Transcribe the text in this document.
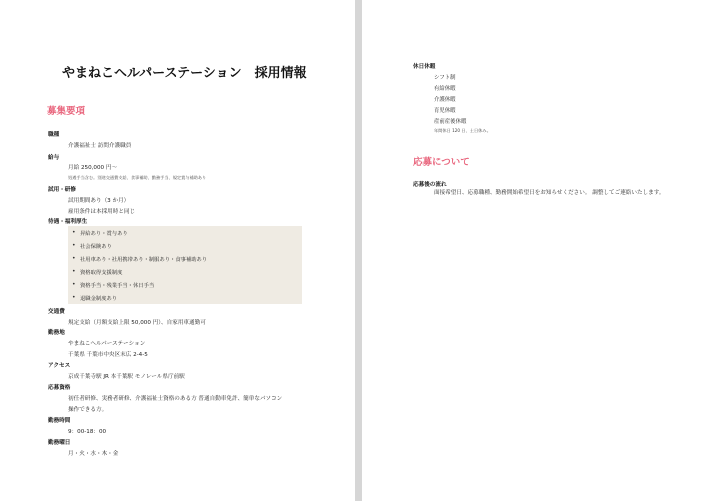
やまねこヘルパーステーション　採用情報
募集要項
職種
介護福祉士 訪問介護職員
給与
月給 250,000 円〜
処遇手当含む。別途交通費支給、食事補助、勤務手当、規定賞与補助あり
試用・研修
試用期間あり（3 か月）
雇用条件は本採用時と同じ
待遇・福利厚生
• 昇給あり・賞与あり
• 社会保険あり
• 社用車あり・社用携帯あり・制服あり・食事補助あり
• 資格取得支援制度
• 資格手当・残業手当・休日手当
• 退職金制度あり
交通費
規定支給（月額支給上限 50,000 円）、自家用車通勤可
勤務地
やまねこヘルパーステーション
千葉県 千葉市中央区末広 2-4-5
アクセス
京成千葉寺駅 JR 本千葉駅 モノレール県庁前駅
応募資格
初任者研修、実務者研修、介護福祉士資格のある方 普通自動車免許、簡単なパソコン
操作できる方。
勤務時間
9：00-18：00
勤務曜日
月・火・水・木・金
休日休暇
シフト制
有給休暇
介護休暇
育児休暇
産前産後休暇
年間休日 120 日、土日休み。
応募について
応募後の流れ
面接希望日、応募職種、勤務開始希望日をお知らせください。 調整してご連絡いたします。
